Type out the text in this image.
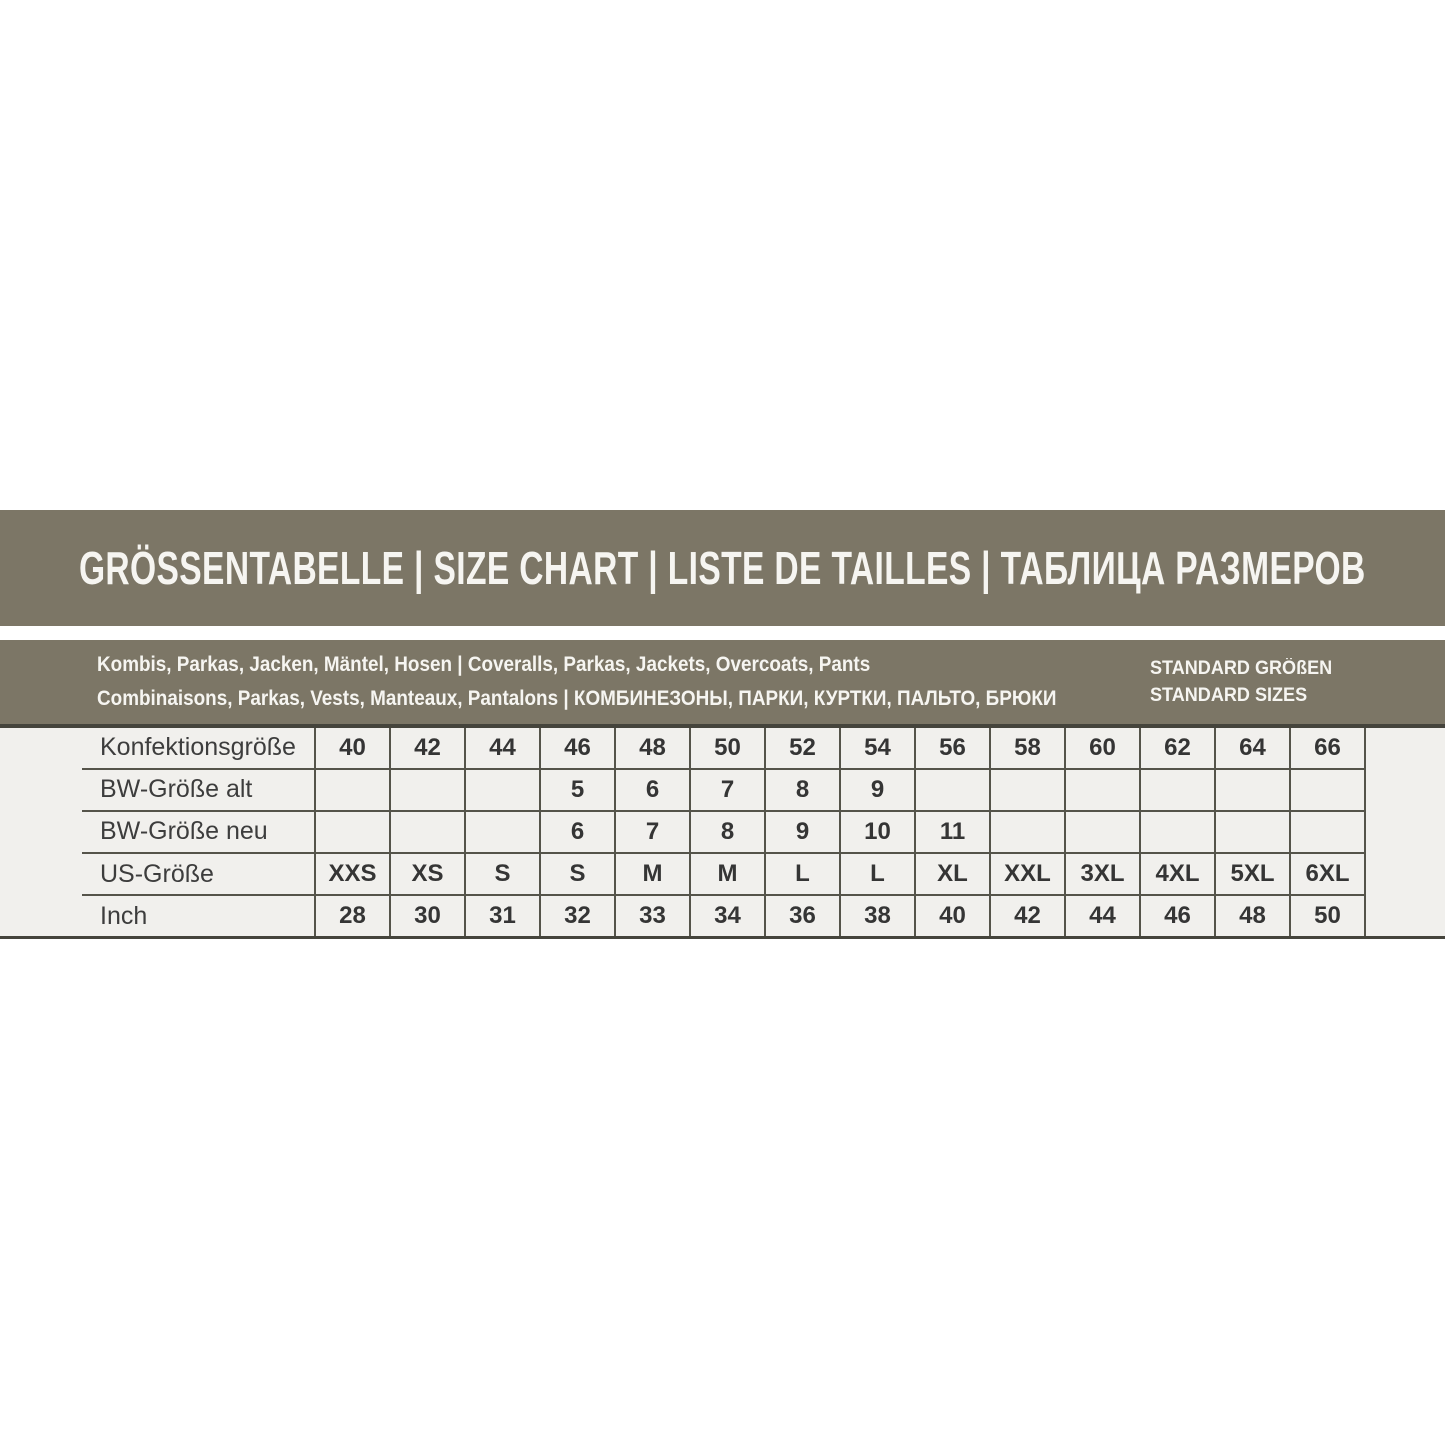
GRÖSSENTABELLE | SIZE CHART | LISTE DE TAILLES | ТАБЛИЦА РАЗМЕРОВ
Kombis, Parkas, Jacken, Mäntel, Hosen | Coveralls, Parkas, Jackets, Overcoats, Pants
Combinaisons, Parkas, Vests, Manteaux, Pantalons | КОМБИНЕЗОНЫ, ПАРКИ, КУРТКИ, ПАЛЬТО, БРЮКИ
STANDARD GRÖßEN
STANDARD SIZES
Konfektionsgröße	40	42	44	46	48	50	52	54	56	58	60	62	64	66
BW-Größe alt				5	6	7	8	9						
BW-Größe neu				6	7	8	9	10	11					
US-Größe	XXS	XS	S	S	M	M	L	L	XL	XXL	3XL	4XL	5XL	6XL
Inch	28	30	31	32	33	34	36	38	40	42	44	46	48	50
